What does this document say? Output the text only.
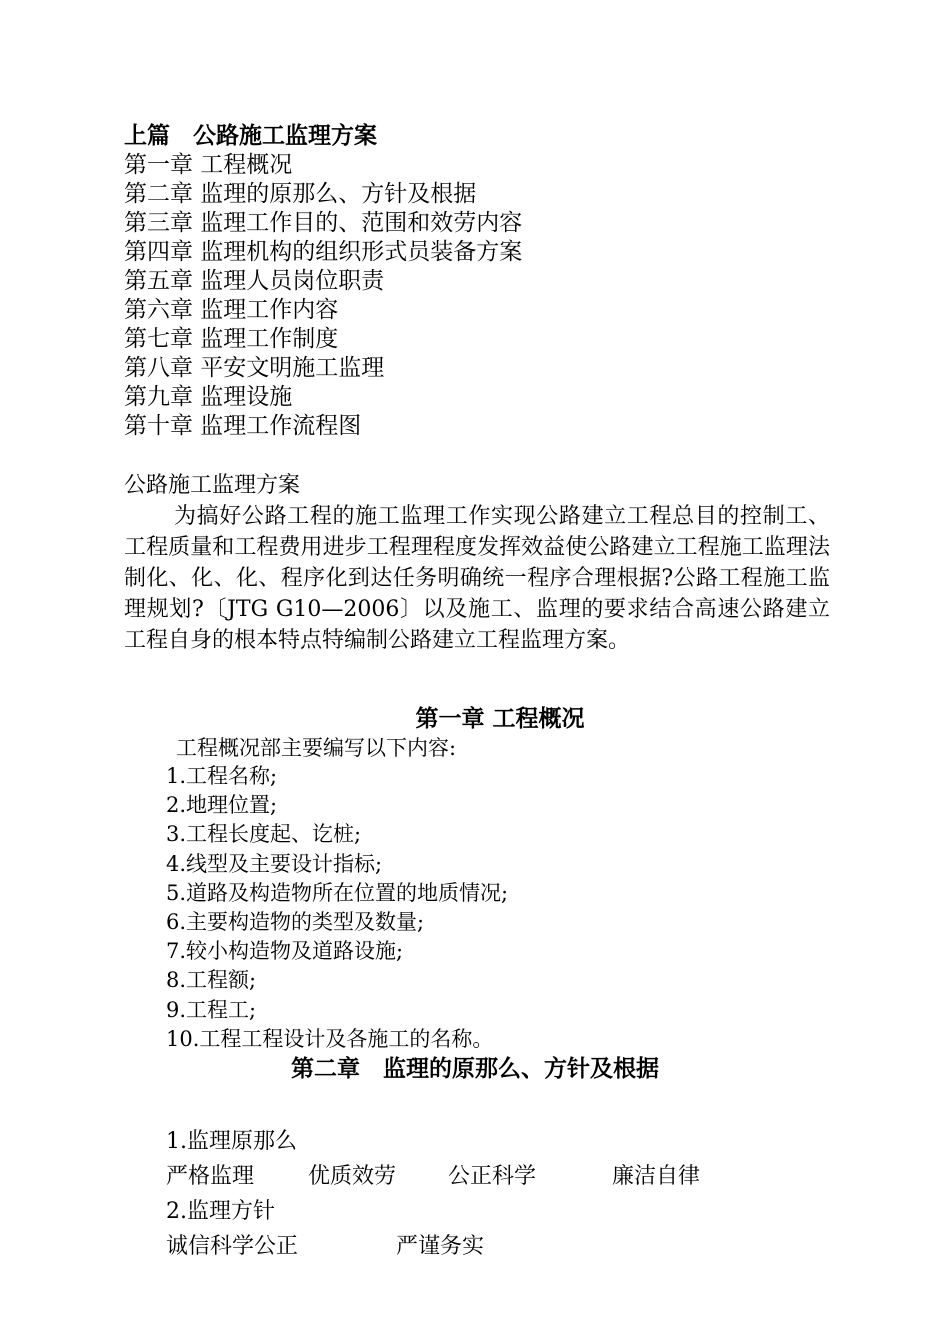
上篇　公路施工监理方案
第一章 工程概况
第二章 监理的原那么、方针及根据
第三章 监理工作目的、范围和效劳内容
第四章 监理机构的组织形式员装备方案
第五章 监理人员岗位职责
第六章 监理工作内容
第七章 监理工作制度
第八章 平安文明施工监理
第九章 监理设施
第十章 监理工作流程图
公路施工监理方案

为搞好公路工程的施工监理工作实现公路建立工程总目的控制工、工程质量和工程费用进步工程理程度发挥效益使公路建立工程施工监理法制化、化、化、程序化到达任务明确统一程序合理根据?公路工程施工监理规划?〔JTG G10—2006〕以及施工、监理的要求结合高速公路建立工程自身的根本特点特编制公路建立工程监理方案。

第一章 工程概况
工程概况部主要编写以下内容:
1.工程名称;
2.地理位置;
3.工程长度起、讫桩;
4.线型及主要设计指标;
5.道路及构造物所在位置的地质情况;
6.主要构造物的类型及数量;
7.较小构造物及道路设施;
8.工程额;
9.工程工;
10.工程工程设计及各施工的名称。
第二章　监理的原那么、方针及根据
1.监理原那么
严格监理 优质效劳 公正科学	廉洁自律
2.监理方针
诚信科学公正	严谨务实
